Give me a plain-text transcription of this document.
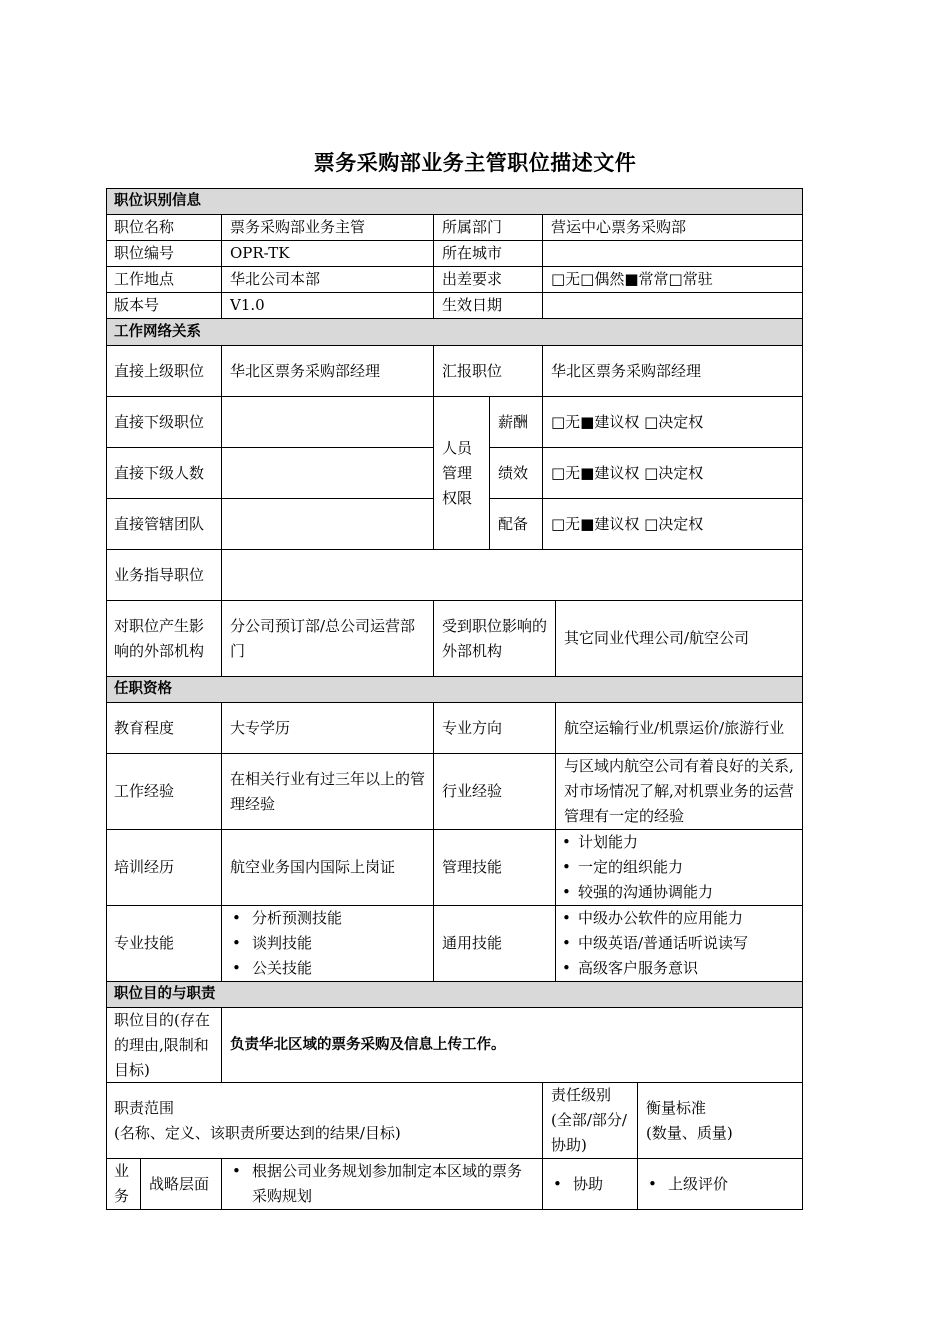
票务采购部业务主管职位描述文件
职位识别信息
职位名称	票务采购部业务主管	所属部门	营运中心票务采购部
职位编号	OPR-TK	所在城市
工作地点	华北公司本部	出差要求	□无□偶然■常常□常驻
版本号	V1.0	生效日期
工作网络关系
直接上级职位	华北区票务采购部经理	汇报职位	华北区票务采购部经理
直接下级职位
直接下级人数
直接管辖团队
人员管理权限
薪酬	□无■建议权 □决定权
绩效	□无■建议权 □决定权
配备	□无■建议权 □决定权
业务指导职位
对职位产生影响的外部机构
分公司预订部/总公司运营部门
受到职位影响的外部机构
其它同业代理公司/航空公司
任职资格
教育程度	大专学历	专业方向	航空运输行业/机票运价/旅游行业
工作经验
在相关行业有过三年以上的管理经验
行业经验
与区域内航空公司有着良好的关系,对市场情况了解,对机票业务的运营管理有一定的经验
培训经历	航空业务国内国际上岗证	管理技能
• 计划能力
• 一定的组织能力
• 较强的沟通协调能力
专业技能
• 分析预测技能
• 谈判技能
• 公关技能
通用技能
• 中级办公软件的应用能力
• 中级英语/普通话听说读写
• 高级客户服务意识
职位目的与职责
职位目的(存在的理由,限制和目标)
负责华北区域的票务采购及信息上传工作。
职责范围
(名称、定义、该职责所要达到的结果/目标)
责任级别(全部/部分/协助)
衡量标准
(数量、质量)
业务
战略层面
• 根据公司业务规划参加制定本区域的票务采购规划
• 协助
•	上级评价
